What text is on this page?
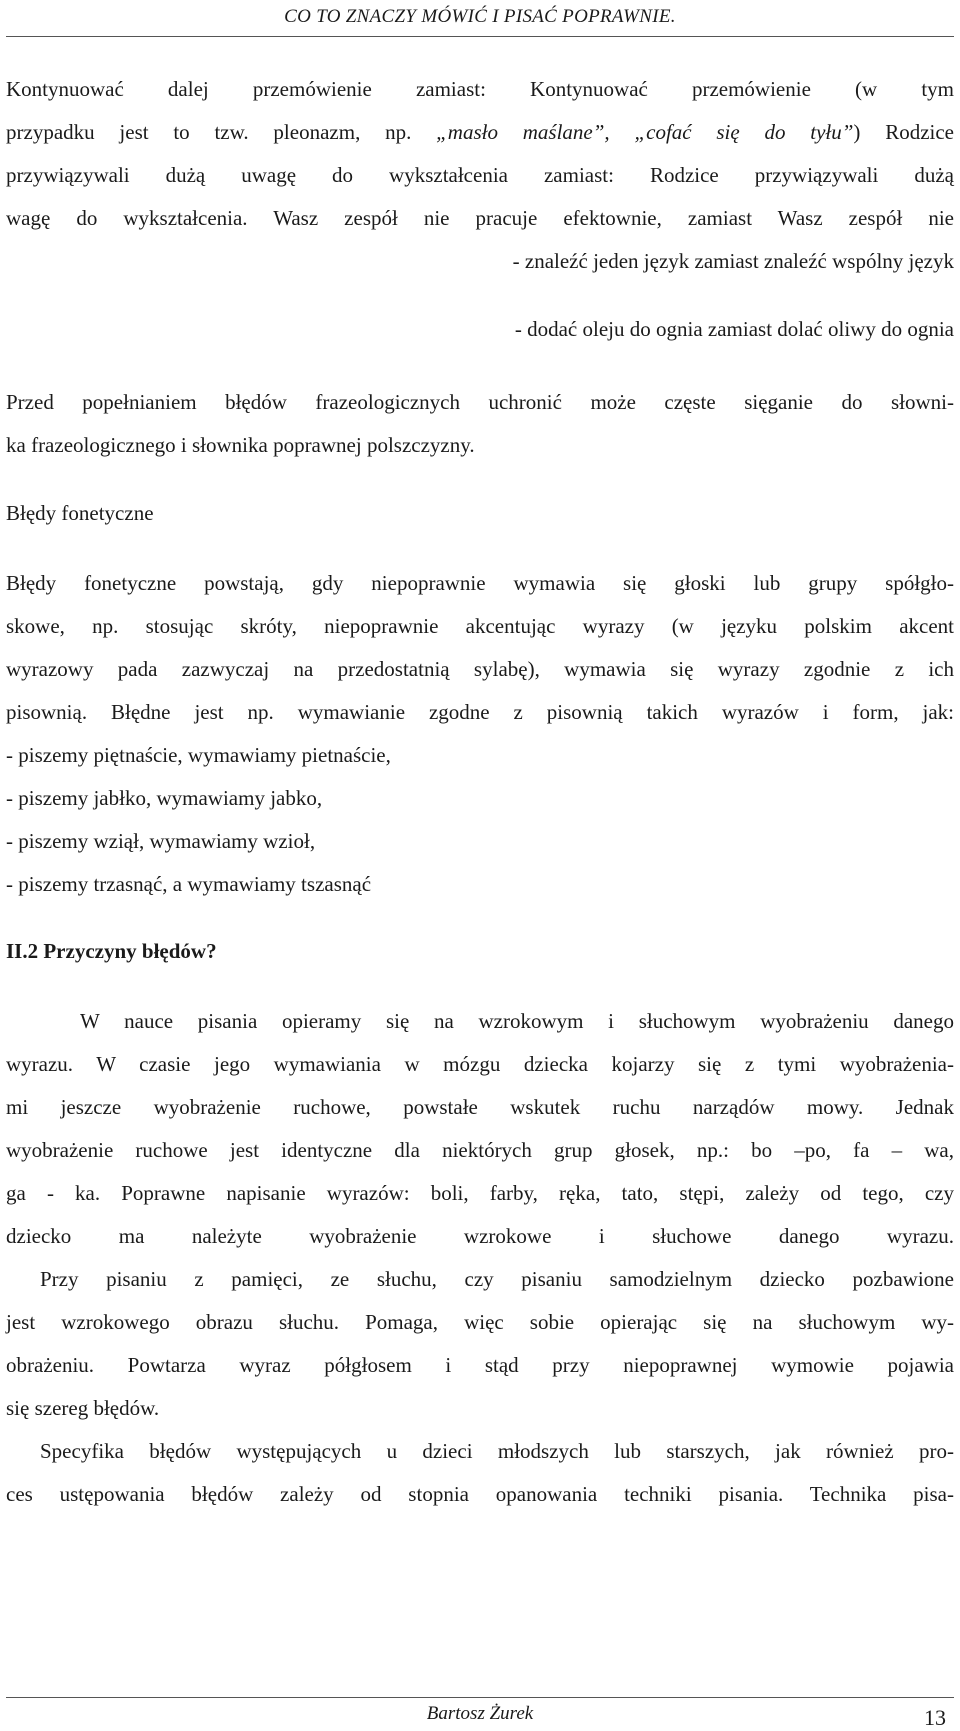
CO TO ZNACZY MÓWIĆ I PISAĆ POPRAWNIE.
Kontynuować dalej przemówienie zamiast: Kontynuować przemówienie (w tym
przypadku jest to tzw. pleonazm, np. „masło maślane”, „cofać się do tyłu”) Rodzice
przywiązywali dużą uwagę do wykształcenia zamiast: Rodzice przywiązywali dużą
wagę do wykształcenia. Wasz zespół nie pracuje efektownie, zamiast Wasz zespół nie
- znaleźć jeden język zamiast znaleźć wspólny język
- dodać oleju do ognia zamiast dolać oliwy do ognia
Przed popełnianiem błędów frazeologicznych uchronić może częste sięganie do słowni-
ka frazeologicznego i słownika poprawnej polszczyzny.
Błędy fonetyczne
Błędy fonetyczne powstają, gdy niepoprawnie wymawia się głoski lub grupy spółgło-
skowe, np. stosując skróty, niepoprawnie akcentując wyrazy (w języku polskim akcent
wyrazowy pada zazwyczaj na przedostatnią sylabę), wymawia się wyrazy zgodnie z ich
pisownią. Błędne jest np. wymawianie zgodne z pisownią takich wyrazów i form, jak:
- piszemy piętnaście, wymawiamy pietnaście,
- piszemy jabłko, wymawiamy jabko,
- piszemy wziął, wymawiamy wzioł,
- piszemy trzasnąć, a wymawiamy tszasnąć
II.2 Przyczyny błędów?
W nauce pisania opieramy się na wzrokowym i słuchowym wyobrażeniu danego
wyrazu. W czasie jego wymawiania w mózgu dziecka kojarzy się z tymi wyobrażenia-
mi jeszcze wyobrażenie ruchowe, powstałe wskutek ruchu narządów mowy. Jednak
wyobrażenie ruchowe jest identyczne dla niektórych grup głosek, np.: bo –po, fa – wa,
ga - ka. Poprawne napisanie wyrazów: boli, farby, ręka, tato, stępi, zależy od tego, czy
dziecko ma należyte wyobrażenie wzrokowe i słuchowe danego wyrazu.
Przy pisaniu z pamięci, ze słuchu, czy pisaniu samodzielnym dziecko pozbawione
jest wzrokowego obrazu słuchu. Pomaga, więc sobie opierając się na słuchowym wy-
obrażeniu. Powtarza wyraz półgłosem i stąd przy niepoprawnej wymowie pojawia
się szereg błędów.
Specyfika błędów występujących u dzieci młodszych lub starszych, jak również pro-
ces ustępowania błędów zależy od stopnia opanowania techniki pisania. Technika pisa-
Bartosz Żurek	13
